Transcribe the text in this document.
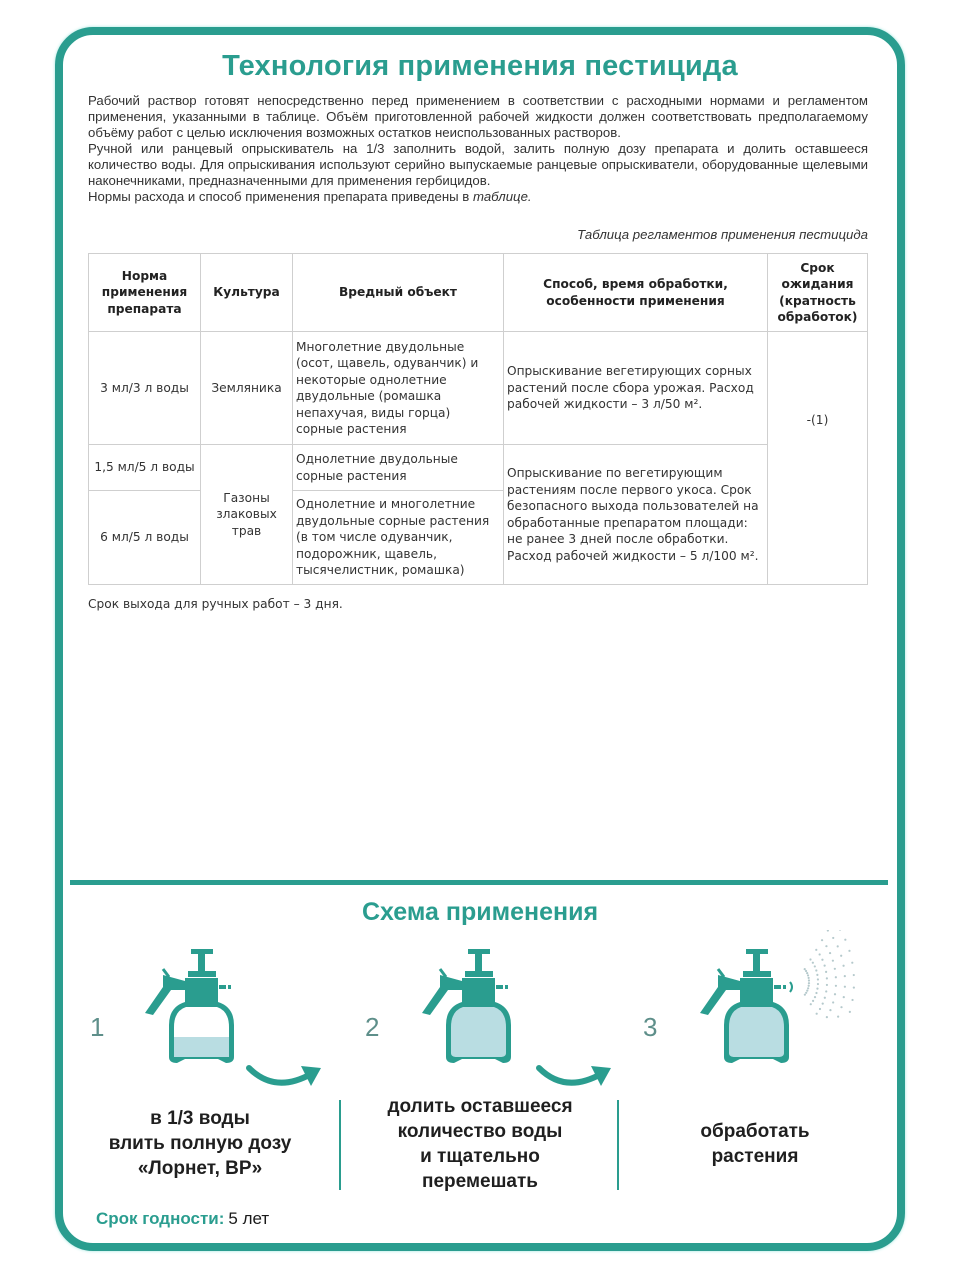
Технология применения пестицида

Рабочий раствор готовят непосредственно перед применением в соответствии с расходными нормами и регламентом применения, указанными в таблице. Объём приготовленной рабочей жидкости должен соответствовать предполагаемому объёму работ с целью исключения возможных остатков неиспользованных растворов.

Ручной или ранцевый опрыскиватель на 1/3 заполнить водой, залить полную дозу препарата и долить оставшееся количество воды. Для опрыскивания используют серийно выпускаемые ранцевые опрыскиватели, оборудованные щелевыми наконечниками, предназначенными для применения гербицидов.

Нормы расхода и способ применения препарата приведены в таблице.

Таблица регламентов применения пестицида
Норма применения препарата	Культура	Вредный объект	Способ, время обработки, особенности применения	Срок ожидания (кратность обработок)
3 мл/3 л воды	Земляника	Многолетние двудольные (осот, щавель, одуванчик) и некоторые однолетние двудольные (ромашка непахучая, виды горца) сорные растения	Опрыскивание вегетирующих сорных растений после сбора урожая. Расход рабочей жидкости – 3 л/50 м².	-(1)
1,5 мл/5 л воды	Газоны злаковых трав	Однолетние двудольные сорные растения	Опрыскивание по вегетирующим растениям после первого укоса. Срок безопасного выхода пользователей на обработанные препаратом площади: не ранее 3 дней после обработки. Расход рабочей жидкости – 5 л/100 м².	
6 мл/5 л воды		Однолетние и многолетние двудольные сорные растения (в том числе одуванчик, подорожник, щавель, тысячелистник, ромашка)		
Срок выхода для ручных работ – 3 дня.
Схема применения
1	2	3
в 1/3 воды
влить полную дозу
«Лорнет, ВР»
долить оставшееся
количество воды
и тщательно
перемешать
обработать
растения
Срок годности: 5 лет
